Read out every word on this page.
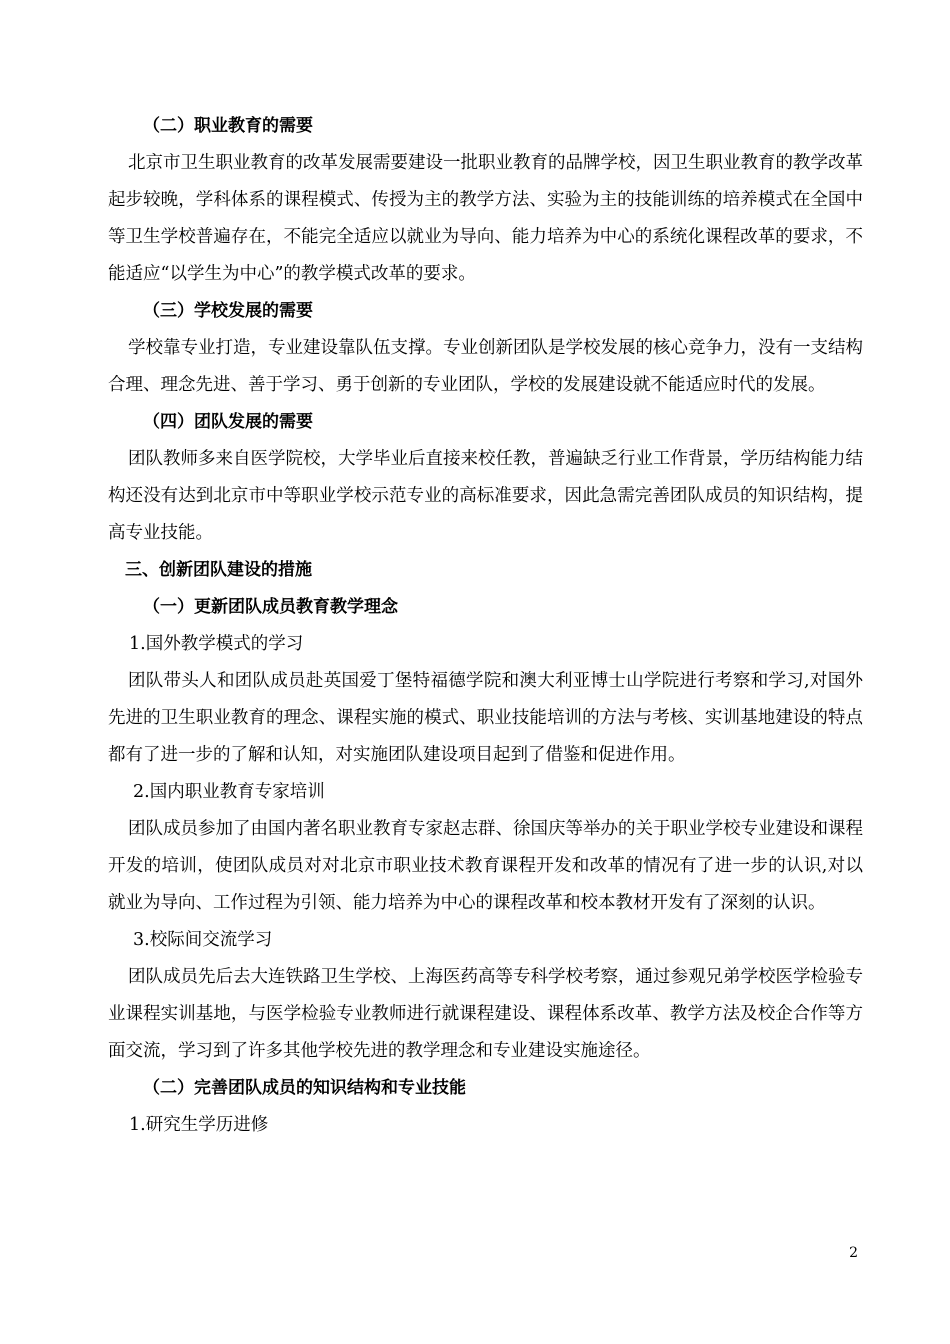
（二）职业教育的需要

北京市卫生职业教育的改革发展需要建设一批职业教育的品牌学校，因卫生职业教育的教学改革起步较晚，学科体系的课程模式、传授为主的教学方法、实验为主的技能训练的培养模式在全国中等卫生学校普遍存在，不能完全适应以就业为导向、能力培养为中心的系统化课程改革的要求，不能适应“以学生为中心”的教学模式改革的要求。

（三）学校发展的需要

学校靠专业打造，专业建设靠队伍支撑。专业创新团队是学校发展的核心竞争力，没有一支结构合理、理念先进、善于学习、勇于创新的专业团队，学校的发展建设就不能适应时代的发展。

（四）团队发展的需要

团队教师多来自医学院校，大学毕业后直接来校任教，普遍缺乏行业工作背景，学历结构能力结构还没有达到北京市中等职业学校示范专业的高标准要求，因此急需完善团队成员的知识结构，提高专业技能。

三、创新团队建设的措施

（一）更新团队成员教育教学理念

1.国外教学模式的学习

团队带头人和团队成员赴英国爱丁堡特福德学院和澳大利亚博士山学院进行考察和学习,对国外先进的卫生职业教育的理念、课程实施的模式、职业技能培训的方法与考核、实训基地建设的特点都有了进一步的了解和认知，对实施团队建设项目起到了借鉴和促进作用。

2.国内职业教育专家培训

团队成员参加了由国内著名职业教育专家赵志群、徐国庆等举办的关于职业学校专业建设和课程开发的培训，使团队成员对对北京市职业技术教育课程开发和改革的情况有了进一步的认识,对以就业为导向、工作过程为引领、能力培养为中心的课程改革和校本教材开发有了深刻的认识。

3.校际间交流学习

团队成员先后去大连铁路卫生学校、上海医药高等专科学校考察，通过参观兄弟学校医学检验专业课程实训基地，与医学检验专业教师进行就课程建设、课程体系改革、教学方法及校企合作等方面交流，学习到了许多其他学校先进的教学理念和专业建设实施途径。

（二）完善团队成员的知识结构和专业技能

1.研究生学历进修

2
